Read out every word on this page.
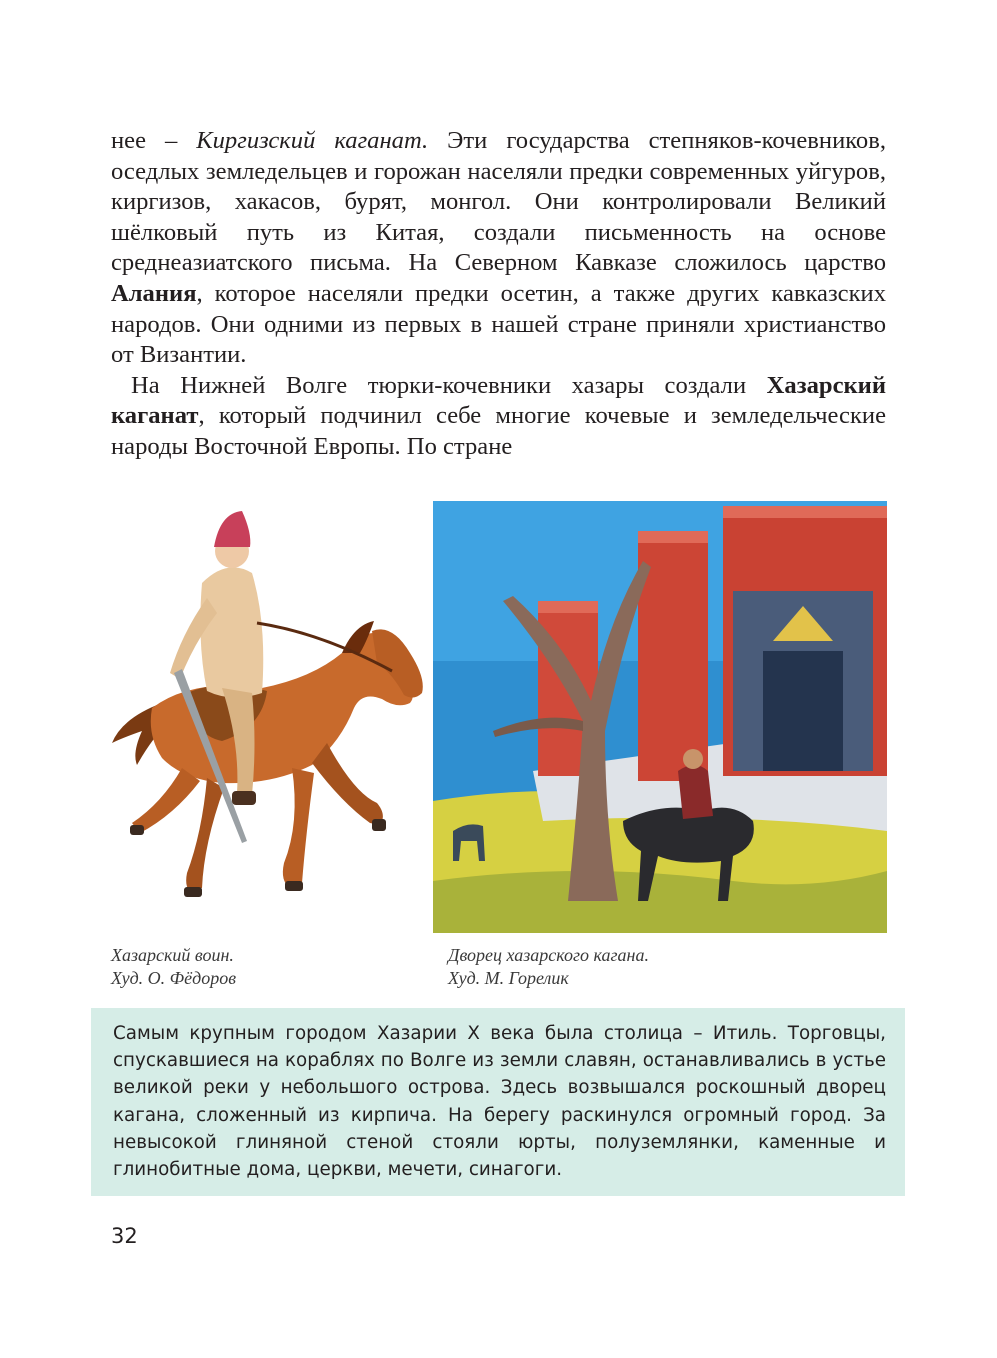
нее – Киргизский каганат. Эти государства степняков-кочевников, оседлых земледельцев и горожан населяли предки современных уйгуров, киргизов, хакасов, бурят, монгол. Они контролировали Великий шёлковый путь из Китая, создали письменность на основе среднеазиатского письма. На Северном Кавказе сложилось царство Алания, которое населяли предки осетин, а также других кавказских народов. Они одними из первых в нашей стране приняли христианство от Византии.

На Нижней Волге тюрки-кочевники хазары создали Хазарский каганат, который подчинил себе многие кочевые и земледельческие народы Восточной Европы. По стране

Хазарский воин.
Худ. О. Фёдоров
Дворец хазарского кагана.
Худ. М. Горелик
Самым крупным городом Хазарии X века была столица – Итиль. Торговцы, спускавшиеся на кораблях по Волге из земли славян, останавливались в устье великой реки у небольшого острова. Здесь возвышался роскошный дворец кагана, сложенный из кирпича. На берегу раскинулся огромный город. За невысокой глиняной стеной стояли юрты, полуземлянки, каменные и глинобитные дома, церкви, мечети, синагоги.
32
